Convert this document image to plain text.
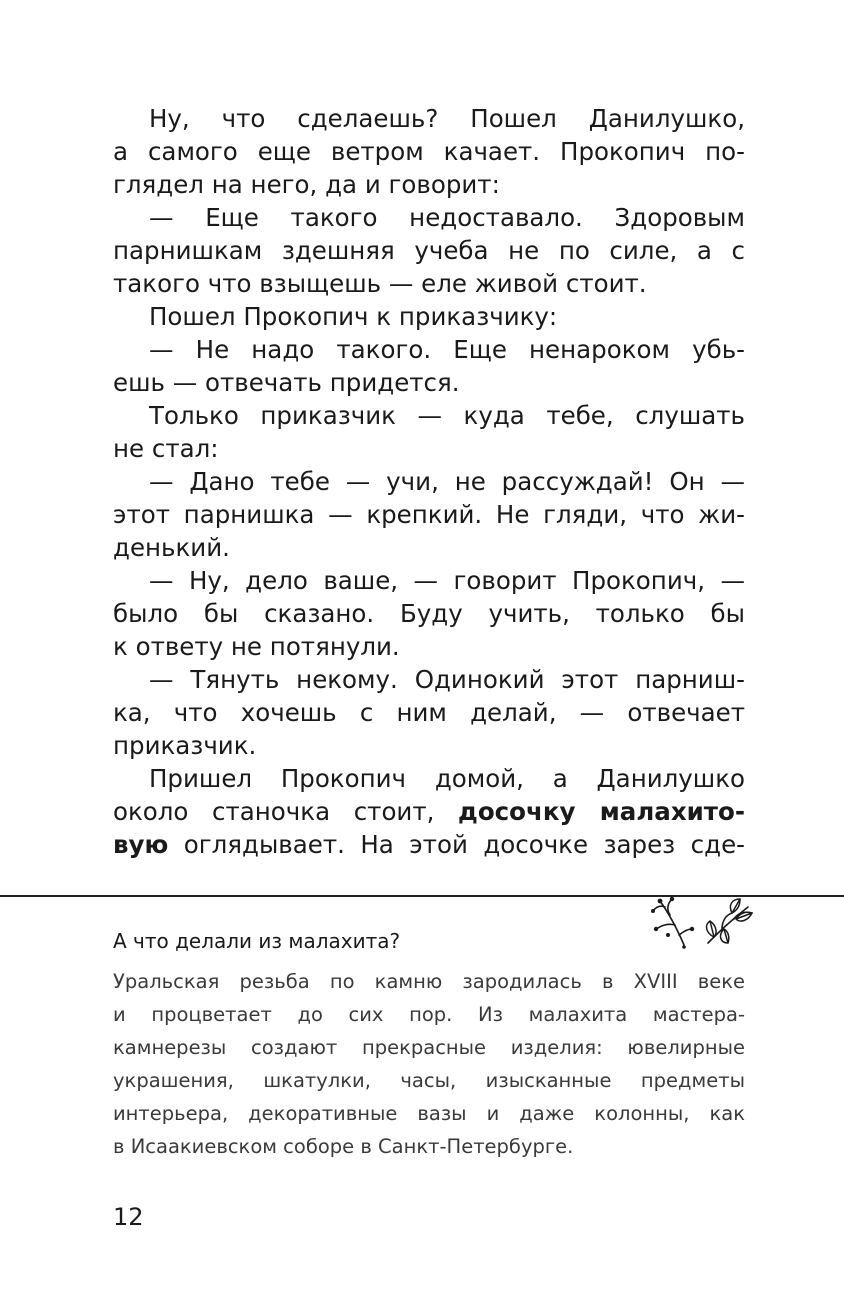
Ну, что сделаешь? Пошел Данилушко,
а самого еще ветром качает. Прокопич по-
глядел на него, да и говорит:
— Еще такого недоставало. Здоровым
парнишкам здешняя учеба не по силе, а с
такого что взыщешь — еле живой стоит.
Пошел Прокопич к приказчику:
— Не надо такого. Еще ненароком убь-
ешь — отвечать придется.
Только приказчик — куда тебе, слушать
не стал:
— Дано тебе — учи, не рассуждай! Он —
этот парнишка — крепкий. Не гляди, что жи-
денький.
— Ну, дело ваше, — говорит Прокопич, —
было бы сказано. Буду учить, только бы
к ответу не потянули.
— Тянуть некому. Одинокий этот парниш-
ка, что хочешь с ним делай, — отвечает
приказчик.
Пришел Прокопич домой, а Данилушко
около станочка стоит, досочку малахито-
вую оглядывает. На этой досочке зарез сде-
А что делали из малахита?
Уральская резьба по камню зародилась в XVIII веке
и процветает до сих пор. Из малахита мастера-
камнерезы создают прекрасные изделия: ювелирные
украшения, шкатулки, часы, изысканные предметы
интерьера, декоративные вазы и даже колонны, как
в Исаакиевском соборе в Санкт-Петербурге.
12
